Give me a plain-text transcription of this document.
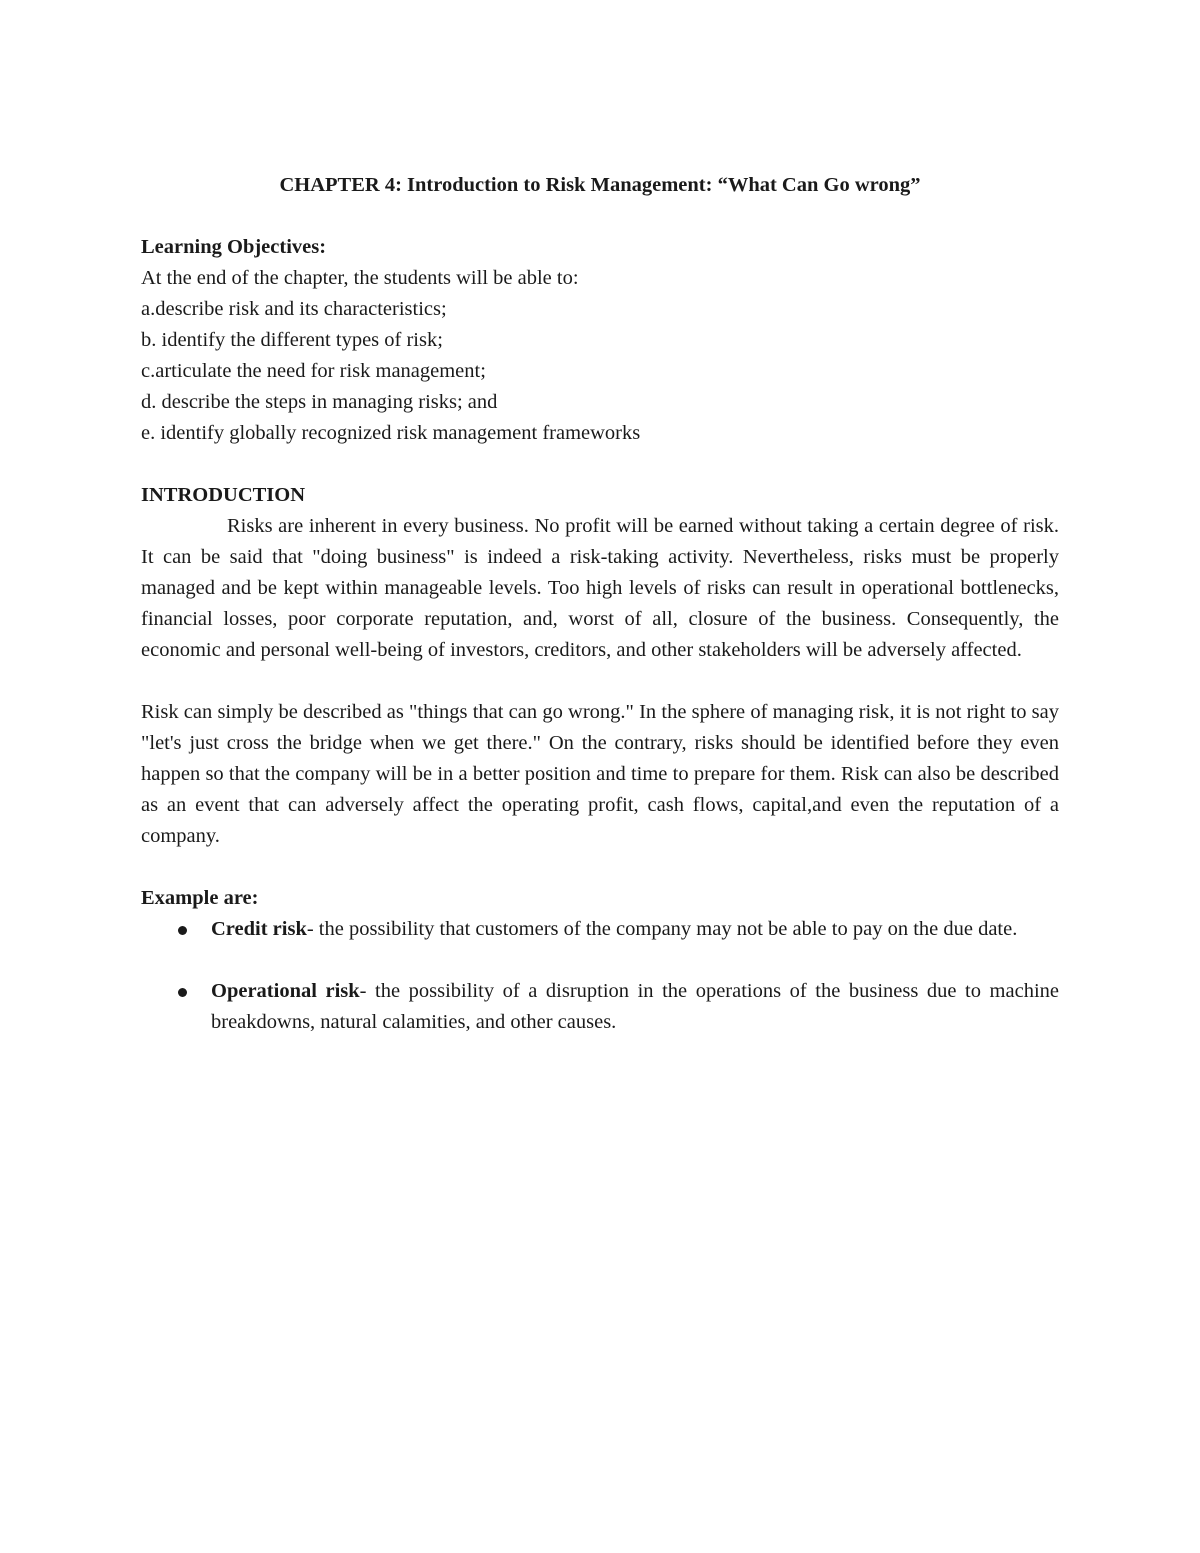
CHAPTER 4: Introduction to Risk Management: “What Can Go wrong”

Learning Objectives:

At the end of the chapter, the students will be able to:

a.describe risk and its characteristics;

b. identify the different types of risk;

c.articulate the need for risk management;

d. describe the steps in managing risks; and

e. identify globally recognized risk management frameworks

INTRODUCTION

Risks are inherent in every business. No profit will be earned without taking a certain degree of risk. It can be said that "doing business" is indeed a risk-taking activity. Nevertheless, risks must be properly managed and be kept within manageable levels. Too high levels of risks can result in operational bottlenecks, financial losses, poor corporate reputation, and, worst of all, closure of the business. Consequently, the economic and personal well-being of investors, creditors, and other stakeholders will be adversely affected.

Risk can simply be described as "things that can go wrong." In the sphere of managing risk, it is not right to say "let's just cross the bridge when we get there." On the contrary, risks should be identified before they even happen so that the company will be in a better position and time to prepare for them. Risk can also be described as an event that can adversely affect the operating profit, cash flows, capital,and even the reputation of a company.

Example are:

Credit risk- the possibility that customers of the company may not be able to pay on the due date.
Operational risk- the possibility of a disruption in the operations of the business due to machine breakdowns, natural calamities, and other causes.
